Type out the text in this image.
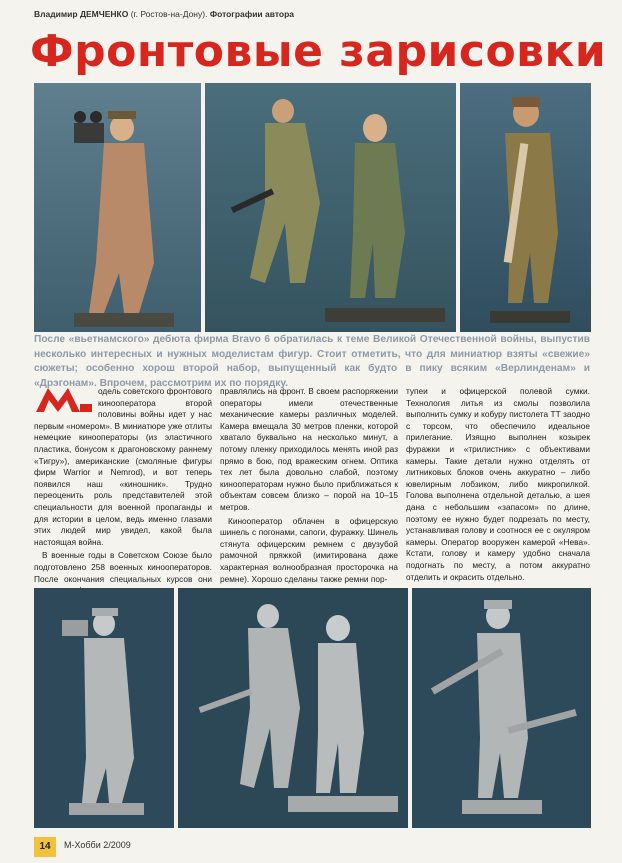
Владимир ДЕМЧЕНКО (г. Ростов-на-Дону). Фотографии автора
Фронтовые зарисовки
После «вьетнамского» дебюта фирма Bravo 6 обратилась к теме Великой Отечественной войны, выпустив несколько интересных и нужных моделистам фигур. Стоит отметить, что для миниатюр взяты «свежие» сюжеты; особенно хорош второй набор, выпущенный как будто в пику всяким «Верлинденам» и «Дрэгонам». Впрочем, рассмотрим их по порядку.

одель советского фронтового кинооператора второй половины войны идет у нас первым «номером». В миниатюре уже отлиты немецкие кинооператоры (из эластичного пластика, бонусом к драгоновскому раннему «Тигру»), американские (смоляные фигуры фирм Warrior и Nemrod), и вот теперь появился наш «киношник». Трудно переоценить роль представителей этой специальности для военной пропаганды и для истории в целом, ведь именно глазами этих людей мир увидел, какой была настоящая война.

В военные годы в Советском Союзе было подготовлено 258 военных кинооператоров. После окончания специальных курсов они

правлялись на фронт. В своем распоряжении операторы имели отечественные механические камеры различных моделей. Камера вмещала 30 метров пленки, которой хватало буквально на несколько минут, а потому пленку приходилось менять иной раз прямо в бою, под вражеским огнем. Оптика тех лет была довольно слабой, поэтому кинооператорам нужно было приближаться к объектам совсем близко – порой на 10–15 метров.

Кинооператор облачен в офицерскую шинель с погонами, сапоги, фуражку. Шинель стянута офицерским ремнем с двузубой рамочной пряжкой (имитирована даже характерная волнообразная просторочка на ремне). Хорошо сделаны также ремни пор-

тупеи и офицерской полевой сумки. Технология литья из смолы позволила выполнить сумку и кобуру пистолета ТТ заодно с торсом, что обеспечило идеальное прилегание. Изящно выполнен козырек фуражки и «трилистник» с объективами камеры. Такие детали нужно отделять от литниковых блоков очень аккуратно – либо ювелирным лобзиком, либо микропилкой. Голова выполнена отдельной деталью, а шея дана с небольшим «запасом» по длине, поэтому ее нужно будет подрезать по месту, устанавливая голову и соотнося ее с окуляром камеры. Оператор вооружен камерой «Нева». Кстати, голову и камеру удобно сначала подогнать по месту, а потом аккуратно отделить и окрасить отдельно.

14	М-Хобби 2/2009
